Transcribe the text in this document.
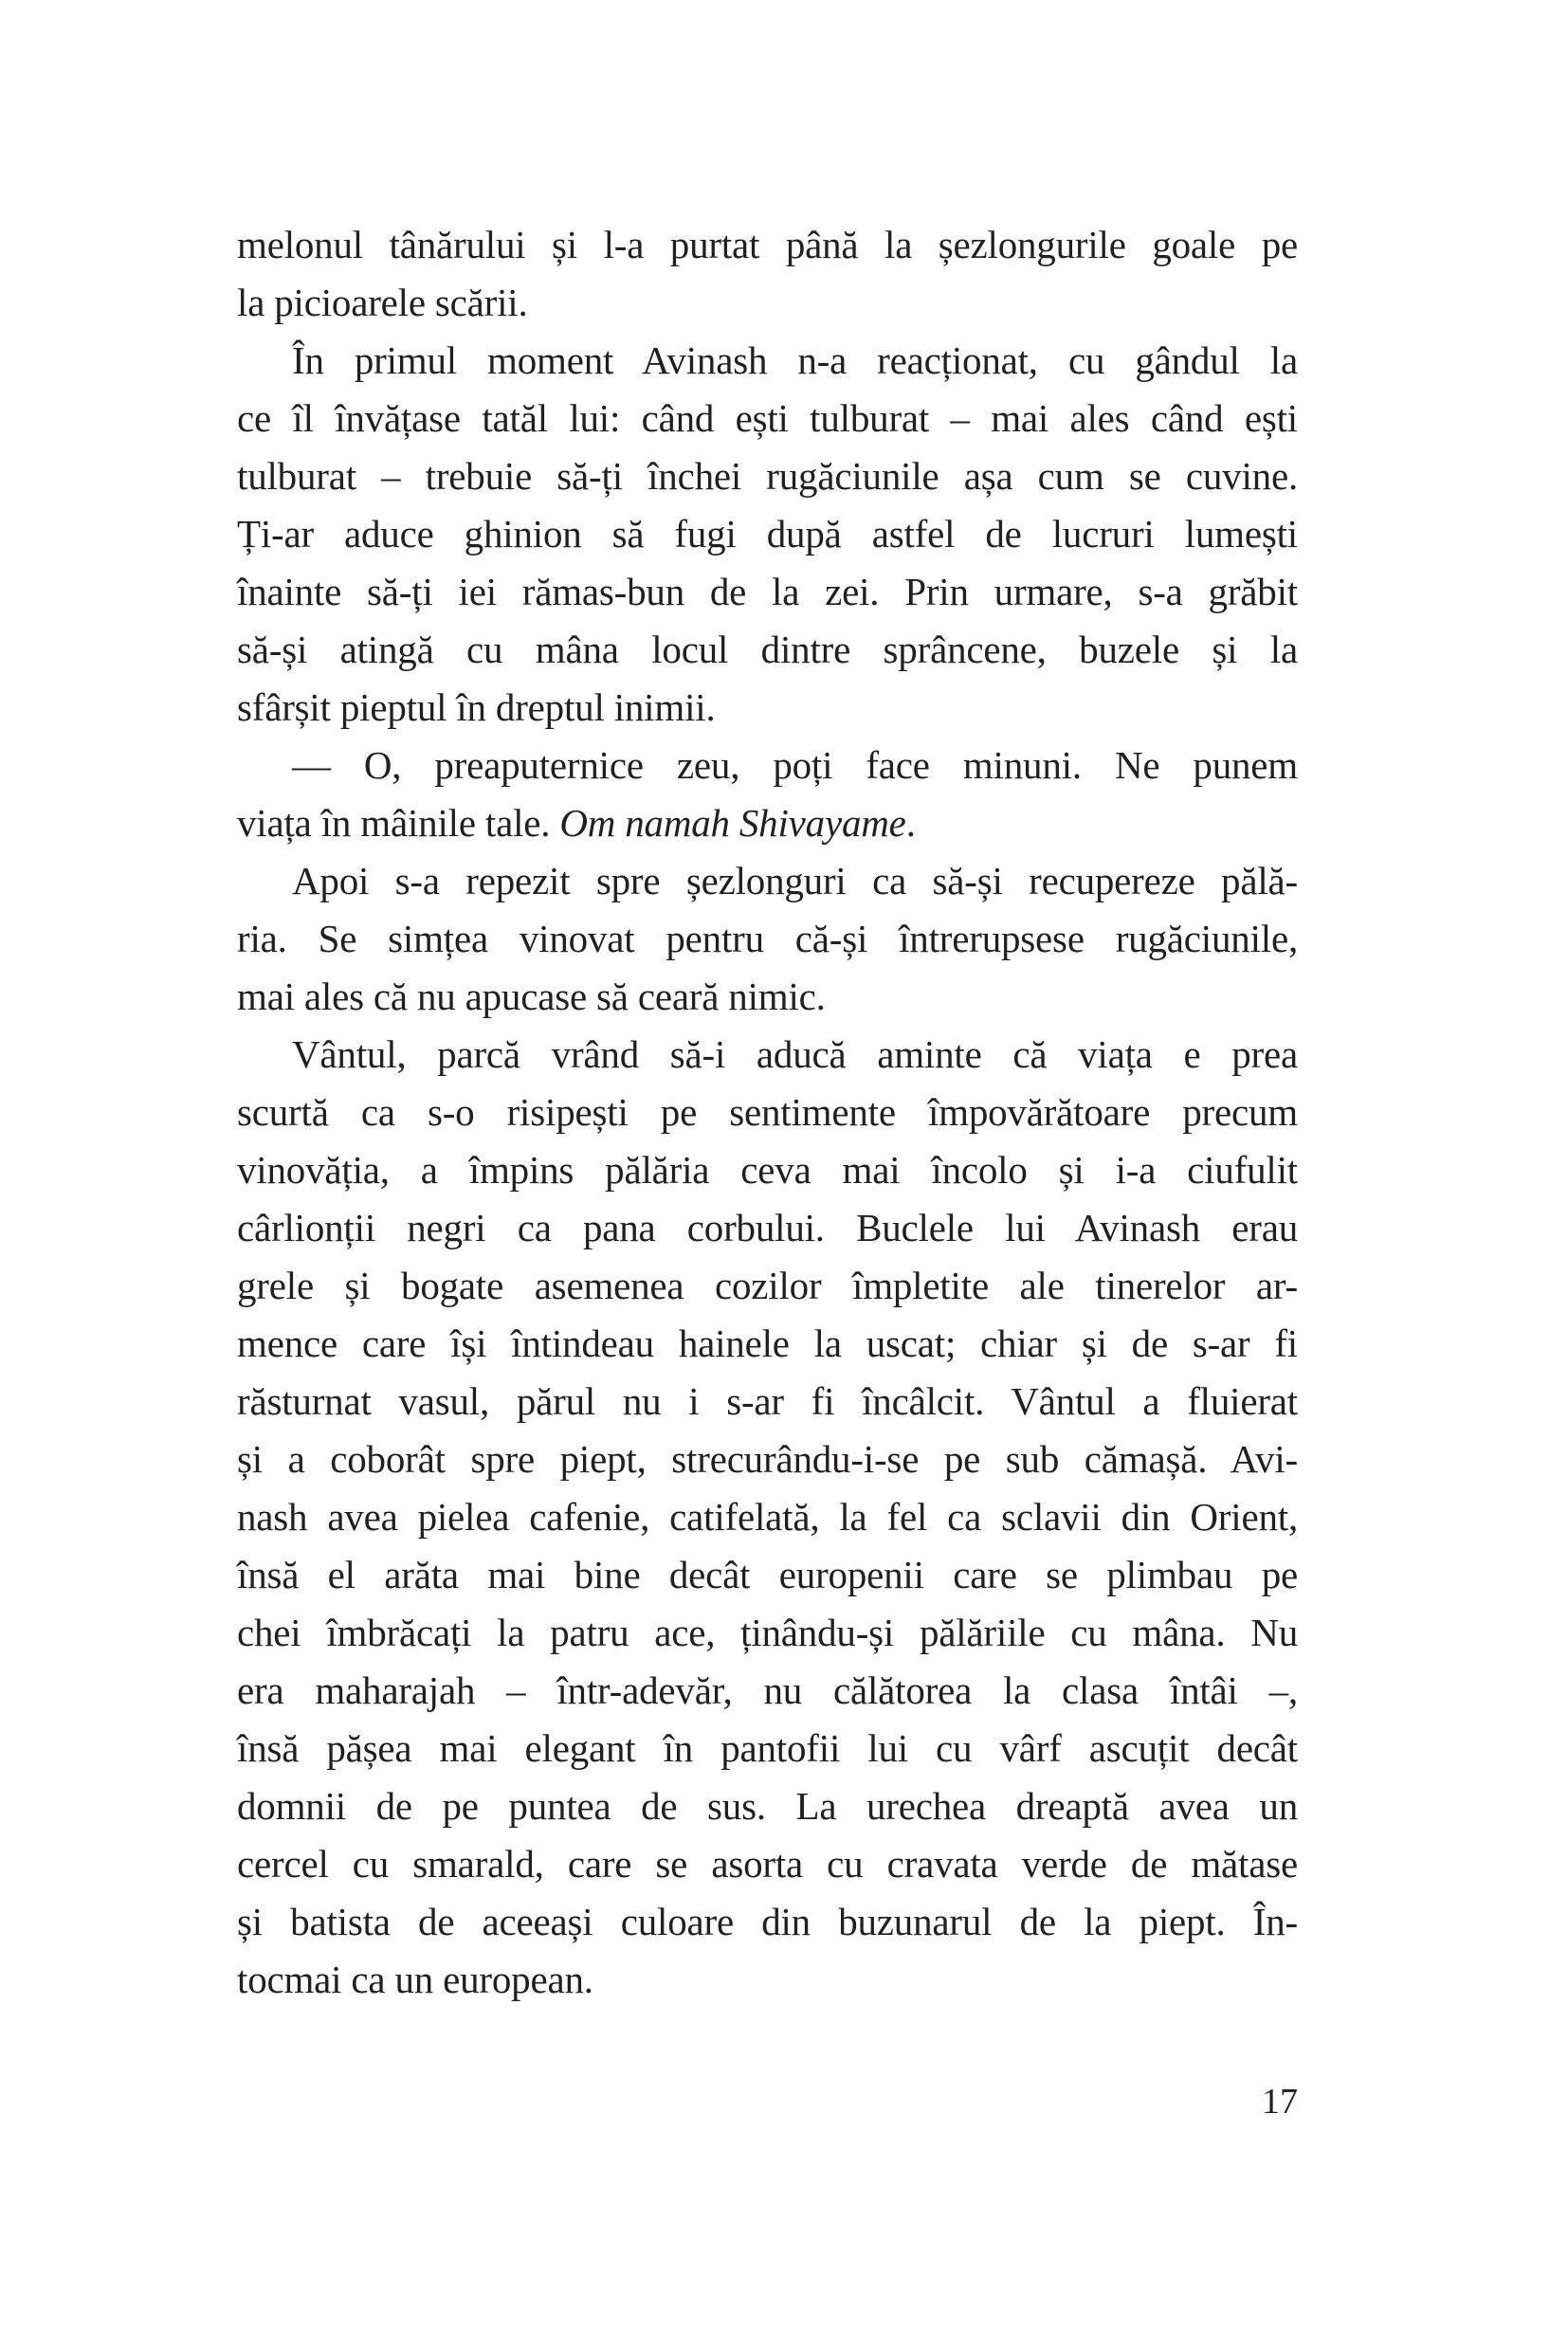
melonul tânărului și l-a purtat până la șezlongurile goale pe
la picioarele scării.
În primul moment Avinash n-a reacționat, cu gândul la
ce îl învățase tatăl lui: când ești tulburat – mai ales când ești
tulburat – trebuie să-ți închei rugăciunile așa cum se cuvine.
Ți-ar aduce ghinion să fugi după astfel de lucruri lumești
înainte să-ți iei rămas-bun de la zei. Prin urmare, s-a grăbit
să-și atingă cu mâna locul dintre sprâncene, buzele și la
sfârșit pieptul în dreptul inimii.
— O, preaputernice zeu, poți face minuni. Ne punem
viața în mâinile tale. Om namah Shivayame.
Apoi s-a repezit spre șezlonguri ca să-și recupereze pălă-
ria. Se simțea vinovat pentru că-și întrerupsese rugăciunile,
mai ales că nu apucase să ceară nimic.
Vântul, parcă vrând să-i aducă aminte că viața e prea
scurtă ca s-o risipești pe sentimente împovărătoare precum
vinovăția, a împins pălăria ceva mai încolo și i-a ciufulit
cârlionții negri ca pana corbului. Buclele lui Avinash erau
grele și bogate asemenea cozilor împletite ale tinerelor ar-
mence care își întindeau hainele la uscat; chiar și de s-ar fi
răsturnat vasul, părul nu i s-ar fi încâlcit. Vântul a fluierat
și a coborât spre piept, strecurându-i-se pe sub cămașă. Avi-
nash avea pielea cafenie, catifelată, la fel ca sclavii din Orient,
însă el arăta mai bine decât europenii care se plimbau pe
chei îmbrăcați la patru ace, ținându-și pălăriile cu mâna. Nu
era maharajah – într-adevăr, nu călătorea la clasa întâi –,
însă pășea mai elegant în pantofii lui cu vârf ascuțit decât
domnii de pe puntea de sus. La urechea dreaptă avea un
cercel cu smarald, care se asorta cu cravata verde de mătase
și batista de aceeași culoare din buzunarul de la piept. În-
tocmai ca un european.
17
